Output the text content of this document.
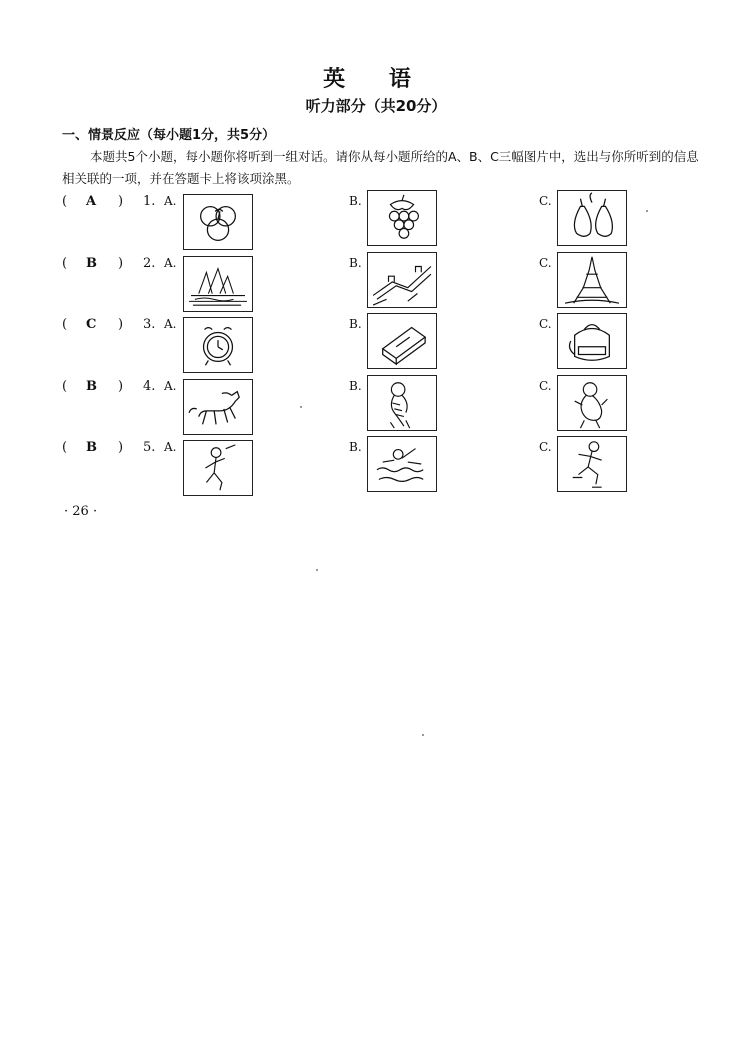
英 语
听力部分（共20分）
一、情景反应（每小题1分，共5分）
本题共5个小题，每小题你将听到一组对话。请你从每小题所给的A、B、C三幅图片中，选出与你所听到的信息相关联的一项，并在答题卡上将该项涂黑。
( A ) 1. A.	B.	C.
( B ) 2. A.	B.	C.
( C ) 3. A.	B.	C.
( B ) 4. A.	B.	C.
( B ) 5. A.	B.	C.
· 26 ·
